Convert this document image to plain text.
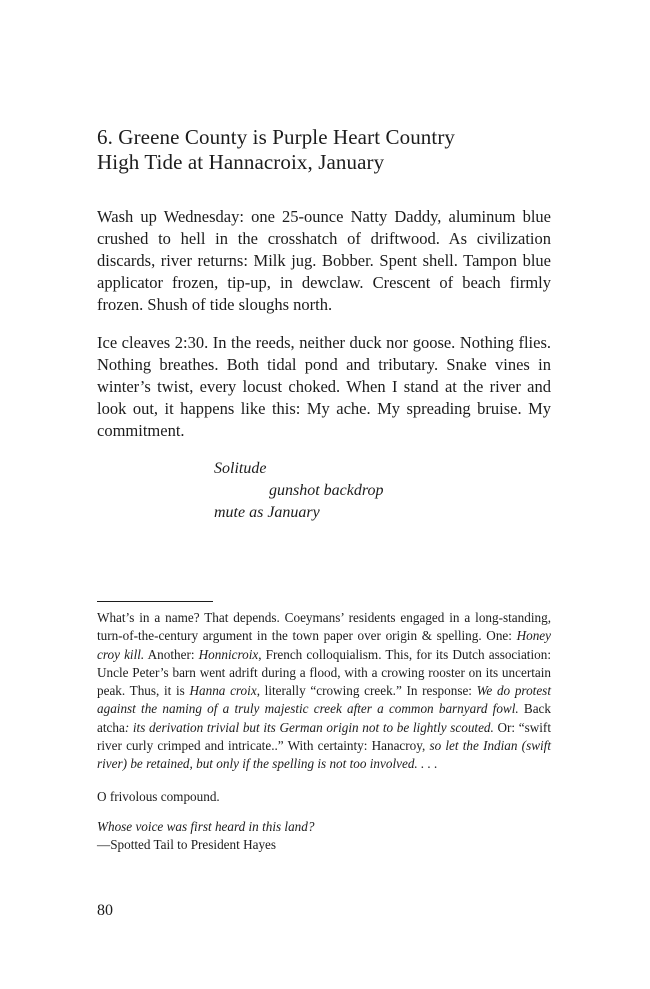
6. Greene County is Purple Heart Country
High Tide at Hannacroix, January

Wash up Wednesday: one 25-ounce Natty Daddy, aluminum blue crushed to hell in the crosshatch of driftwood. As civilization discards, river returns: Milk jug. Bobber. Spent shell. Tampon blue applicator frozen, tip-up, in dewclaw. Crescent of beach firmly frozen. Shush of tide sloughs north.

Ice cleaves 2:30. In the reeds, neither duck nor goose. Nothing flies. Nothing breathes. Both tidal pond and tributary. Snake vines in winter’s twist, every locust choked. When I stand at the river and look out, it happens like this: My ache. My spreading bruise. My commitment.

Solitude
gunshot backdrop
mute as January

What’s in a name? That depends. Coeymans’ residents engaged in a long-standing, turn-of-the-century argument in the town paper over origin & spelling. One: Honey croy kill. Another: Honnicroix, French colloquialism. This, for its Dutch association: Uncle Peter’s barn went adrift during a flood, with a crowing rooster on its uncertain peak. Thus, it is Hanna croix, literally “crowing creek.” In response: We do protest against the naming of a truly majestic creek after a common barnyard fowl. Back atcha: its derivation trivial but its German origin not to be lightly scouted. Or: “swift river curly crimped and intricate..” With certainty: Hanacroy, so let the Indian (swift river) be retained, but only if the spelling is not too involved. . . .

O frivolous compound.

Whose voice was first heard in this land?

—Spotted Tail to President Hayes

80
